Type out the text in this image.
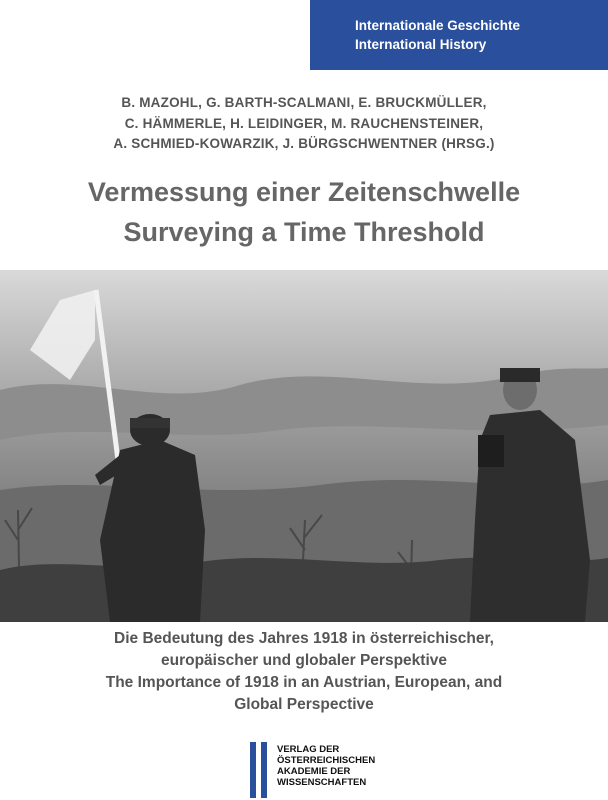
Internationale Geschichte
International History
B. MAZOHL, G. BARTH-SCALMANI, E. BRUCKMÜLLER,
C. HÄMMERLE, H. LEIDINGER, M. RAUCHENSTEINER,
A. SCHMIED-KOWARZIK, J. BÜRGSCHWENTNER (HRSG.)
Vermessung einer Zeitenschwelle
Surveying a Time Threshold
Die Bedeutung des Jahres 1918 in österreichischer,
europäischer und globaler Perspektive
The Importance of 1918 in an Austrian, European, and
Global Perspective
VERLAG DER
ÖSTERREICHISCHEN
AKADEMIE DER
WISSENSCHAFTEN
